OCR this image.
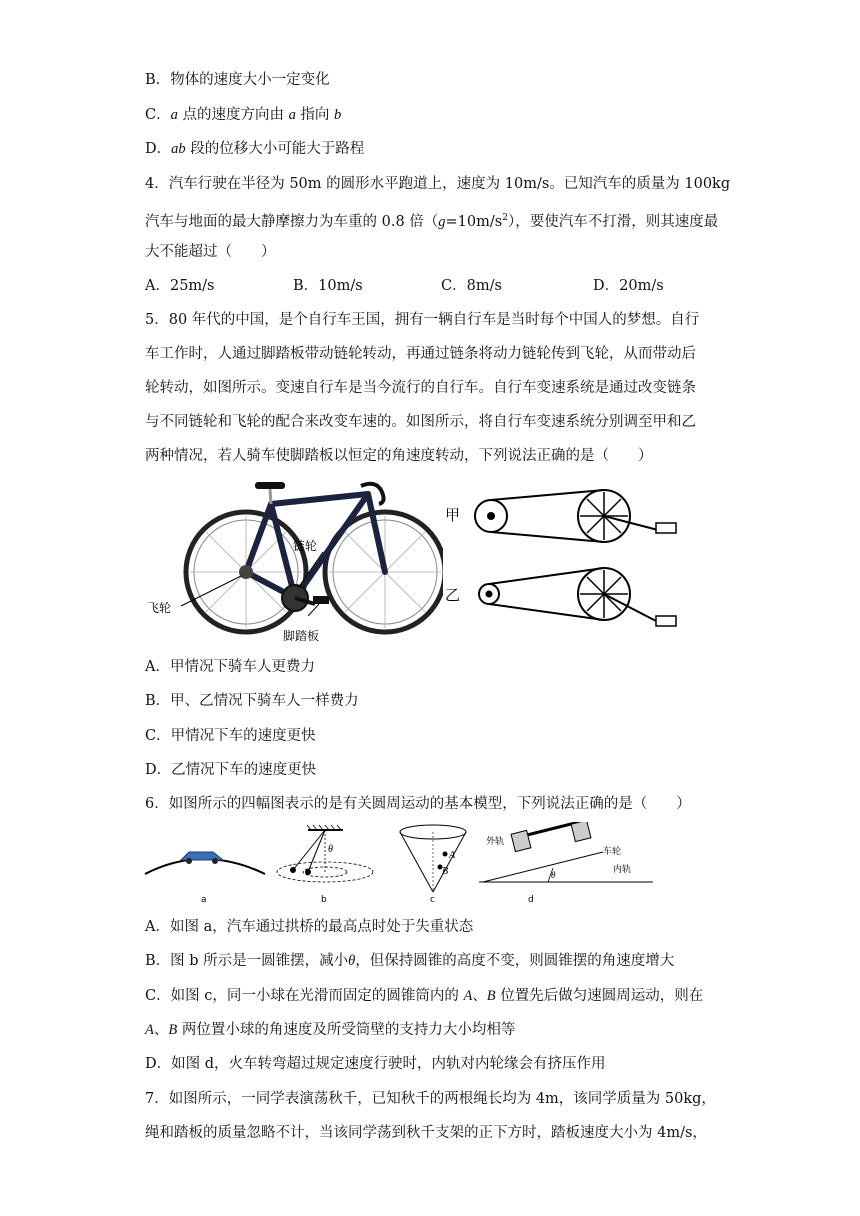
B．物体的速度大小一定变化
C．a 点的速度方向由 a 指向 b
D．ab 段的位移大小可能大于路程
4．汽车行驶在半径为 50m 的圆形水平跑道上，速度为 10m/s。已知汽车的质量为 100kg
汽车与地面的最大静摩擦力为车重的 0.8 倍$(g=10m/s^2)$，要使汽车不打滑，则其速度最
大不能超过（　　）
A．25m/s	B．10m/s	C．8m/s	D．20m/s
5．80 年代的中国，是个自行车王国，拥有一辆自行车是当时每个中国人的梦想。自行
车工作时，人通过脚踏板带动链轮转动，再通过链条将动力链轮传到飞轮，从而带动后
轮转动，如图所示。变速自行车是当今流行的自行车。自行车变速系统是通过改变链条
与不同链轮和飞轮的配合来改变车速的。如图所示，将自行车变速系统分别调至甲和乙
两种情况，若人骑车使脚踏板以恒定的角速度转动，下列说法正确的是（　　）
链轮
飞轮
脚踏板
甲
乙
A．甲情况下骑车人更费力
B．甲、乙情况下骑车人一样费力
C．甲情况下车的速度更快
D．乙情况下车的速度更快
6．如图所示的四幅图表示的是有关圆周运动的基本模型，下列说法正确的是（　　）
a
θ
b
A
B
c
θ
外轨
车轮
内轨
d
A．如图 a，汽车通过拱桥的最高点时处于失重状态
B．图 b 所示是一圆锥摆，减小θ，但保持圆锥的高度不变，则圆锥摆的角速度增大
C．如图 c，同一小球在光滑而固定的圆锥筒内的 A、B 位置先后做匀速圆周运动，则在
A、B 两位置小球的角速度及所受筒壁的支持力大小均相等
D．如图 d，火车转弯超过规定速度行驶时，内轨对内轮缘会有挤压作用
7．如图所示，一同学表演荡秋千，已知秋千的两根绳长均为 4m，该同学质量为 50kg，
绳和踏板的质量忽略不计，当该同学荡到秋千支架的正下方时，踏板速度大小为 4m/s，
